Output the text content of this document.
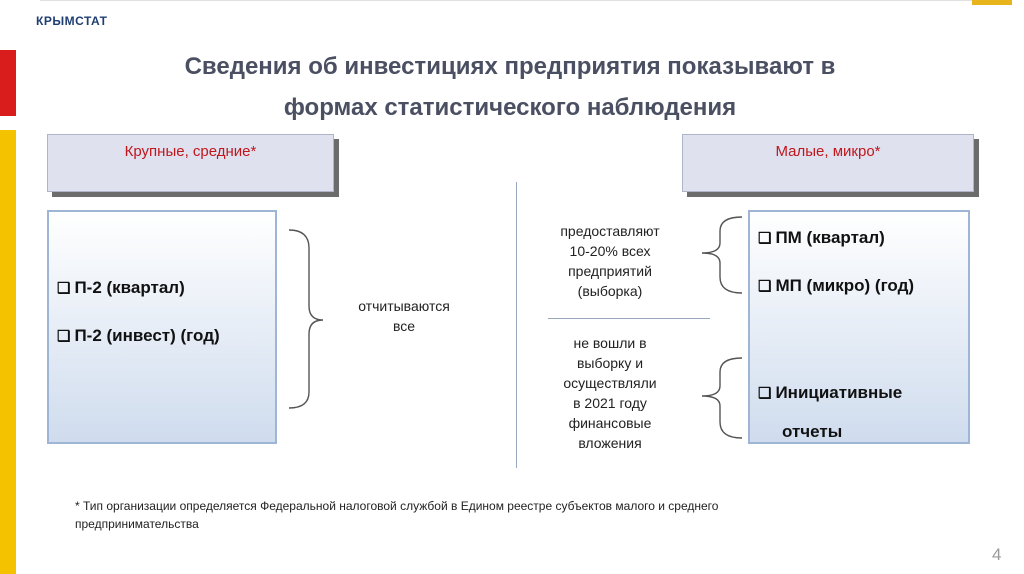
КРЫМСТАТ
Сведения об инвестициях предприятия показывают в
формах статистического наблюдения
Крупные, средние*
❑ П-2 (квартал)
❑ П-2 (инвест) (год)
отчитываются
все
предоставляют
10-20% всех
предприятий
(выборка)
не вошли в
выборку и
осуществляли
в 2021 году
финансовые
вложения
Малые, микро*
❑ ПМ (квартал)
❑ МП (микро) (год)
❑ Инициативные
отчеты
* Тип организации определяется Федеральной налоговой службой в Едином реестре субъектов малого и среднего
предпринимательства
4
